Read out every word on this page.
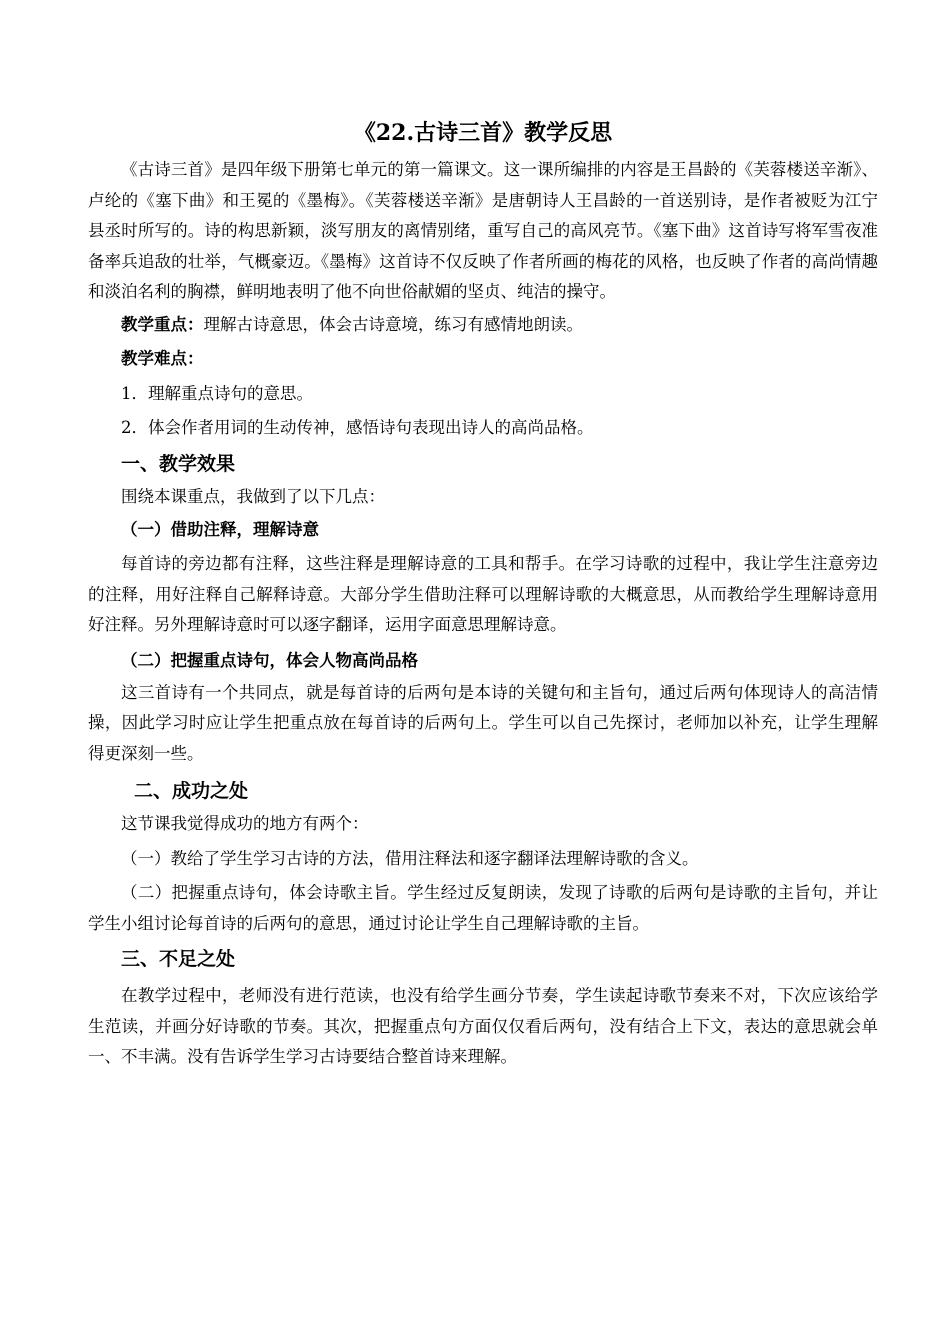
《22.古诗三首》教学反思

《古诗三首》是四年级下册第七单元的第一篇课文。这一课所编排的内容是王昌龄的《芙蓉楼送辛渐》、卢纶的《塞下曲》和王冕的《墨梅》。《芙蓉楼送辛渐》是唐朝诗人王昌龄的一首送别诗，是作者被贬为江宁县丞时所写的。诗的构思新颖，淡写朋友的离情别绪，重写自己的高风亮节。《塞下曲》这首诗写将军雪夜准备率兵追敌的壮举，气概豪迈。《墨梅》这首诗不仅反映了作者所画的梅花的风格，也反映了作者的高尚情趣和淡泊名利的胸襟，鲜明地表明了他不向世俗献媚的坚贞、纯洁的操守。

教学重点：理解古诗意思，体会古诗意境，练习有感情地朗读。

教学难点：

1．理解重点诗句的意思。

2．体会作者用词的生动传神，感悟诗句表现出诗人的高尚品格。

一、教学效果

围绕本课重点，我做到了以下几点：

（一）借助注释，理解诗意

每首诗的旁边都有注释，这些注释是理解诗意的工具和帮手。在学习诗歌的过程中，我让学生注意旁边的注释，用好注释自己解释诗意。大部分学生借助注释可以理解诗歌的大概意思，从而教给学生理解诗意用好注释。另外理解诗意时可以逐字翻译，运用字面意思理解诗意。

（二）把握重点诗句，体会人物高尚品格

这三首诗有一个共同点，就是每首诗的后两句是本诗的关键句和主旨句，通过后两句体现诗人的高洁情操，因此学习时应让学生把重点放在每首诗的后两句上。学生可以自己先探讨，老师加以补充，让学生理解得更深刻一些。

二、成功之处

这节课我觉得成功的地方有两个：

（一）教给了学生学习古诗的方法，借用注释法和逐字翻译法理解诗歌的含义。

（二）把握重点诗句，体会诗歌主旨。学生经过反复朗读，发现了诗歌的后两句是诗歌的主旨句，并让学生小组讨论每首诗的后两句的意思，通过讨论让学生自己理解诗歌的主旨。

三、不足之处

在教学过程中，老师没有进行范读，也没有给学生画分节奏，学生读起诗歌节奏来不对，下次应该给学生范读，并画分好诗歌的节奏。其次，把握重点句方面仅仅看后两句，没有结合上下文，表达的意思就会单一、不丰满。没有告诉学生学习古诗要结合整首诗来理解。
